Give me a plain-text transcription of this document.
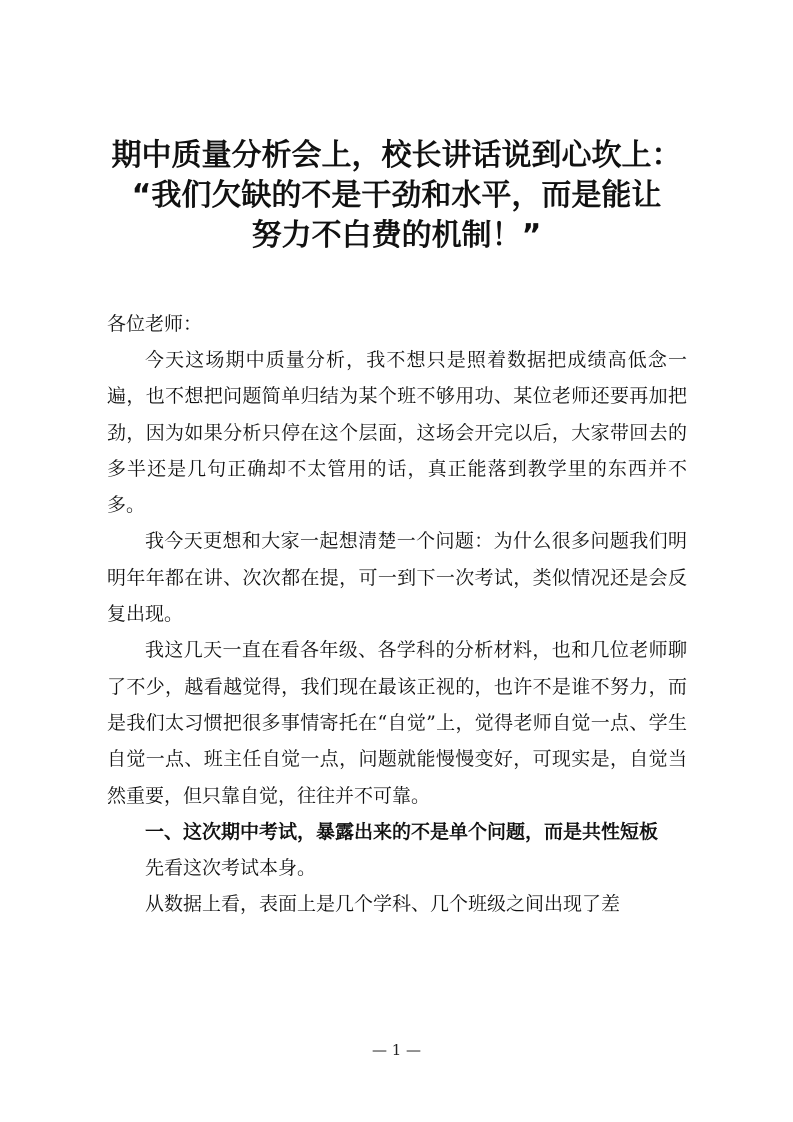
期中质量分析会上，校长讲话说到心坎上：
“我们欠缺的不是干劲和水平，而是能让
努力不白费的机制！”

各位老师：

今天这场期中质量分析，我不想只是照着数据把成绩高低念一遍，也不想把问题简单归结为某个班不够用功、某位老师还要再加把劲，因为如果分析只停在这个层面，这场会开完以后，大家带回去的多半还是几句正确却不太管用的话，真正能落到教学里的东西并不多。

我今天更想和大家一起想清楚一个问题：为什么很多问题我们明明年年都在讲、次次都在提，可一到下一次考试，类似情况还是会反复出现。

我这几天一直在看各年级、各学科的分析材料，也和几位老师聊了不少，越看越觉得，我们现在最该正视的，也许不是谁不努力，而是我们太习惯把很多事情寄托在“自觉”上，觉得老师自觉一点、学生自觉一点、班主任自觉一点，问题就能慢慢变好，可现实是，自觉当然重要，但只靠自觉，往往并不可靠。

一、这次期中考试，暴露出来的不是单个问题，而是共性短板

先看这次考试本身。

从数据上看，表面上是几个学科、几个班级之间出现了差

— 1 —
